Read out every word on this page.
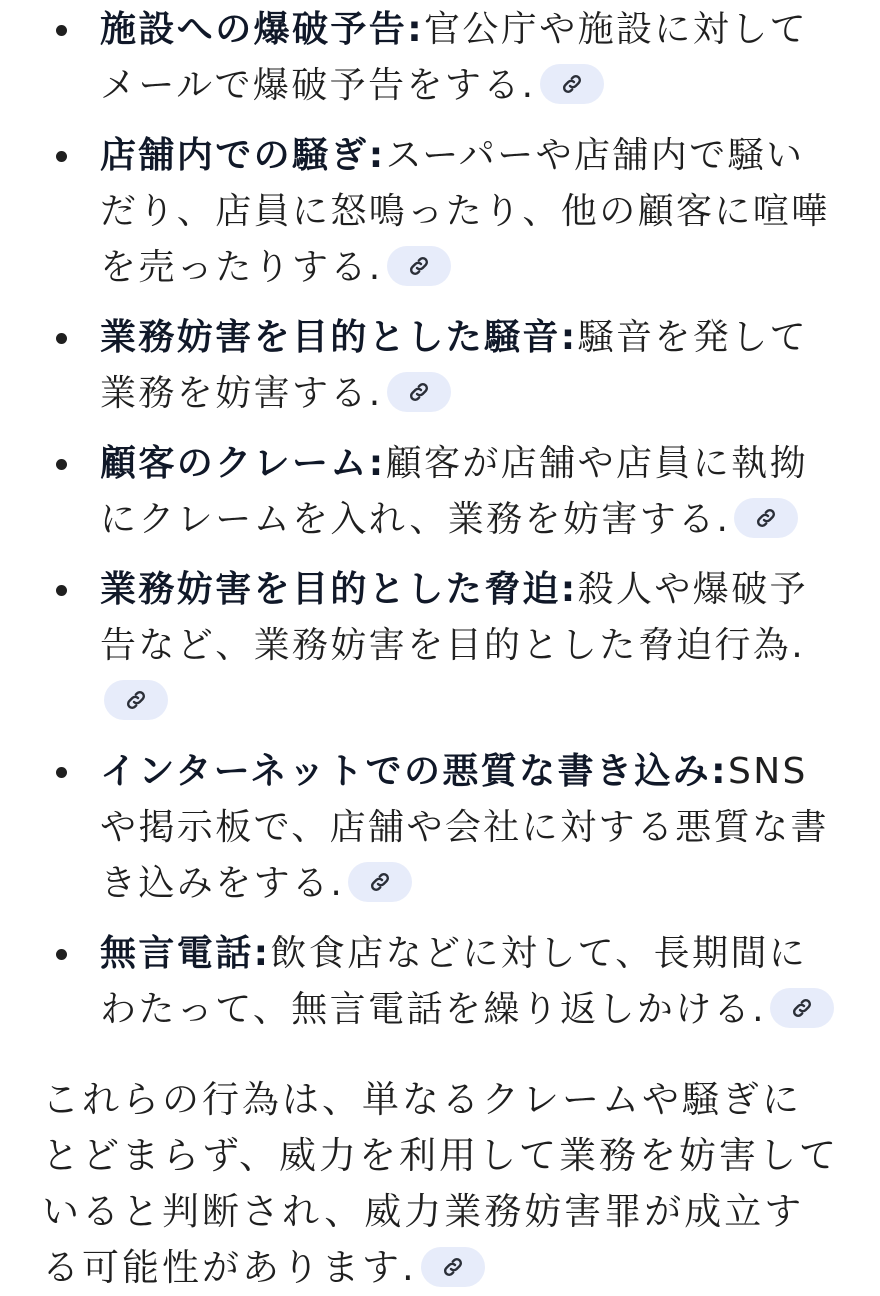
施設への爆破予告:官公庁や施設に対してメールで爆破予告をする.
店舗内での騒ぎ:スーパーや店舗内で騒いだり、店員に怒鳴ったり、他の顧客に喧嘩を売ったりする.
業務妨害を目的とした騒音:騒音を発して業務を妨害する.
顧客のクレーム:顧客が店舗や店員に執拗にクレームを入れ、業務を妨害する.
業務妨害を目的とした脅迫:殺人や爆破予告など、業務妨害を目的とした脅迫行為.
インターネットでの悪質な書き込み:SNSや掲示板で、店舗や会社に対する悪質な書き込みをする.
無言電話:飲食店などに対して、長期間にわたって、無言電話を繰り返しかける.

これらの行為は、単なるクレームや騒ぎにとどまらず、威力を利用して業務を妨害していると判断され、威力業務妨害罪が成立する可能性があります.
